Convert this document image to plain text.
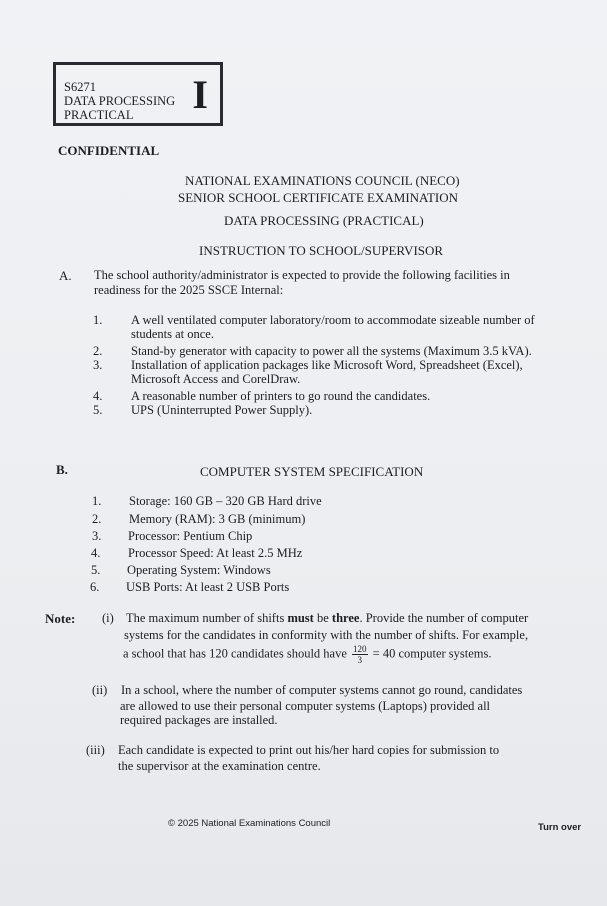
S6271
DATA PROCESSING
PRACTICAL	I
CONFIDENTIAL
NATIONAL EXAMINATIONS COUNCIL (NECO)
SENIOR SCHOOL CERTIFICATE EXAMINATION
DATA PROCESSING (PRACTICAL)
INSTRUCTION TO SCHOOL/SUPERVISOR
A. The school authority/administrator is expected to provide the following facilities in
readiness for the 2025 SSCE Internal:
1. A well ventilated computer laboratory/room to accommodate sizeable number of
students at once.
2. Stand-by generator with capacity to power all the systems (Maximum 3.5 kVA).
3. Installation of application packages like Microsoft Word, Spreadsheet (Excel),
Microsoft Access and CorelDraw.
4. A reasonable number of printers to go round the candidates.
5. UPS (Uninterrupted Power Supply).
B.	COMPUTER SYSTEM SPECIFICATION
1. Storage: 160 GB – 320 GB Hard drive
2. Memory (RAM): 3 GB (minimum)
3. Processor: Pentium Chip
4. Processor Speed: At least 2.5 MHz
5. Operating System: Windows
6. USB Ports: At least 2 USB Ports
Note: (i) The maximum number of shifts must be three. Provide the number of computer
systems for the candidates in conformity with the number of shifts. For example,
a school that has 120 candidates should have $\frac{120}{3} = 40$ computer systems.
(ii) In a school, where the number of computer systems cannot go round, candidates
are allowed to use their personal computer systems (Laptops) provided all
required packages are installed.
(iii) Each candidate is expected to print out his/her hard copies for submission to
the supervisor at the examination centre.
© 2025 National Examinations Council	Turn over
